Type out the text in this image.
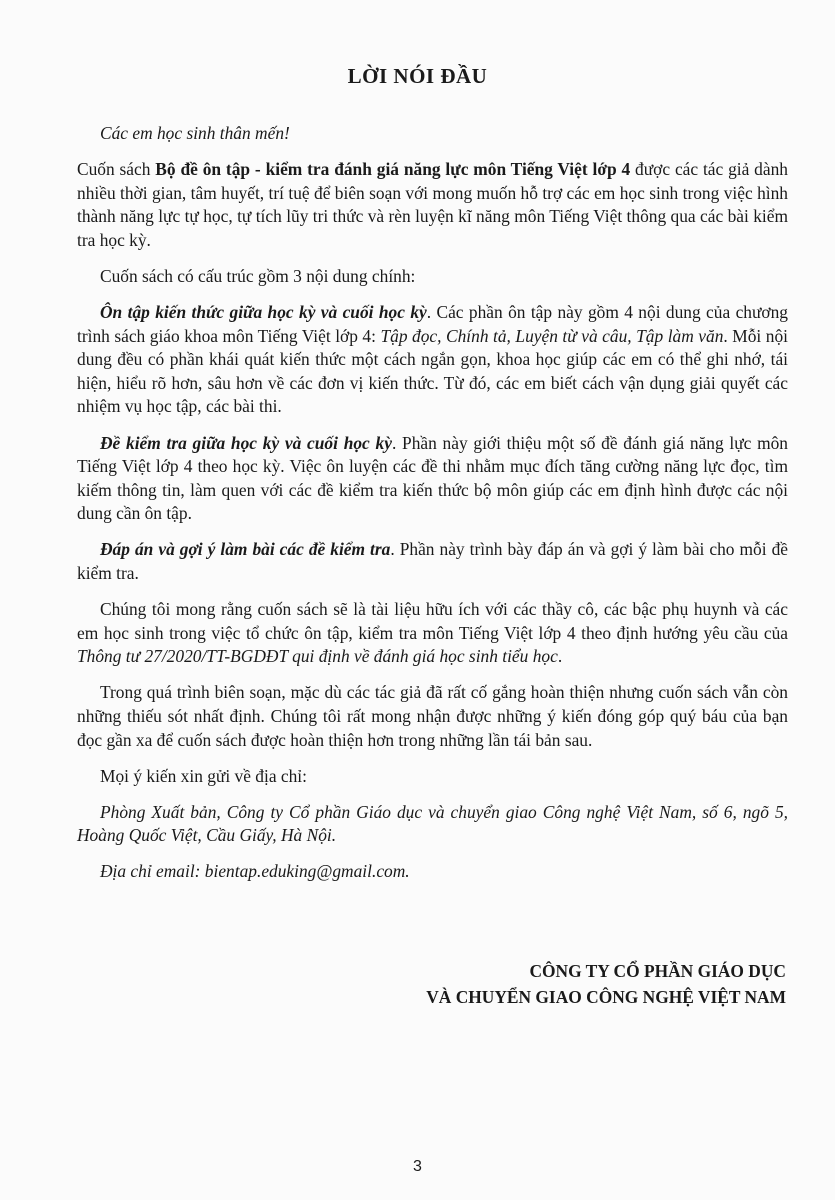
LỜI NÓI ĐẦU

Các em học sinh thân mến!

Cuốn sách Bộ đề ôn tập - kiểm tra đánh giá năng lực môn Tiếng Việt lớp 4 được các tác giả dành nhiều thời gian, tâm huyết, trí tuệ để biên soạn với mong muốn hỗ trợ các em học sinh trong việc hình thành năng lực tự học, tự tích lũy tri thức và rèn luyện kĩ năng môn Tiếng Việt thông qua các bài kiểm tra học kỳ.

Cuốn sách có cấu trúc gồm 3 nội dung chính:

Ôn tập kiến thức giữa học kỳ và cuối học kỳ. Các phần ôn tập này gồm 4 nội dung của chương trình sách giáo khoa môn Tiếng Việt lớp 4: Tập đọc, Chính tả, Luyện từ và câu, Tập làm văn. Mỗi nội dung đều có phần khái quát kiến thức một cách ngắn gọn, khoa học giúp các em có thể ghi nhớ, tái hiện, hiểu rõ hơn, sâu hơn về các đơn vị kiến thức. Từ đó, các em biết cách vận dụng giải quyết các nhiệm vụ học tập, các bài thi.

Đề kiểm tra giữa học kỳ và cuối học kỳ. Phần này giới thiệu một số đề đánh giá năng lực môn Tiếng Việt lớp 4 theo học kỳ. Việc ôn luyện các đề thi nhằm mục đích tăng cường năng lực đọc, tìm kiếm thông tin, làm quen với các đề kiểm tra kiến thức bộ môn giúp các em định hình được các nội dung cần ôn tập.

Đáp án và gợi ý làm bài các đề kiểm tra. Phần này trình bày đáp án và gợi ý làm bài cho mỗi đề kiểm tra.

Chúng tôi mong rằng cuốn sách sẽ là tài liệu hữu ích với các thầy cô, các bậc phụ huynh và các em học sinh trong việc tổ chức ôn tập, kiểm tra môn Tiếng Việt lớp 4 theo định hướng yêu cầu của Thông tư 27/2020/TT-BGDĐT qui định về đánh giá học sinh tiểu học.

Trong quá trình biên soạn, mặc dù các tác giả đã rất cố gắng hoàn thiện nhưng cuốn sách vẫn còn những thiếu sót nhất định. Chúng tôi rất mong nhận được những ý kiến đóng góp quý báu của bạn đọc gần xa để cuốn sách được hoàn thiện hơn trong những lần tái bản sau.

Mọi ý kiến xin gửi về địa chỉ:

Phòng Xuất bản, Công ty Cổ phần Giáo dục và chuyển giao Công nghệ Việt Nam, số 6, ngõ 5, Hoàng Quốc Việt, Cầu Giấy, Hà Nội.

Địa chỉ email: bientap.eduking@gmail.com.

CÔNG TY CỔ PHẦN GIÁO DỤC
VÀ CHUYỂN GIAO CÔNG NGHỆ VIỆT NAM
3
